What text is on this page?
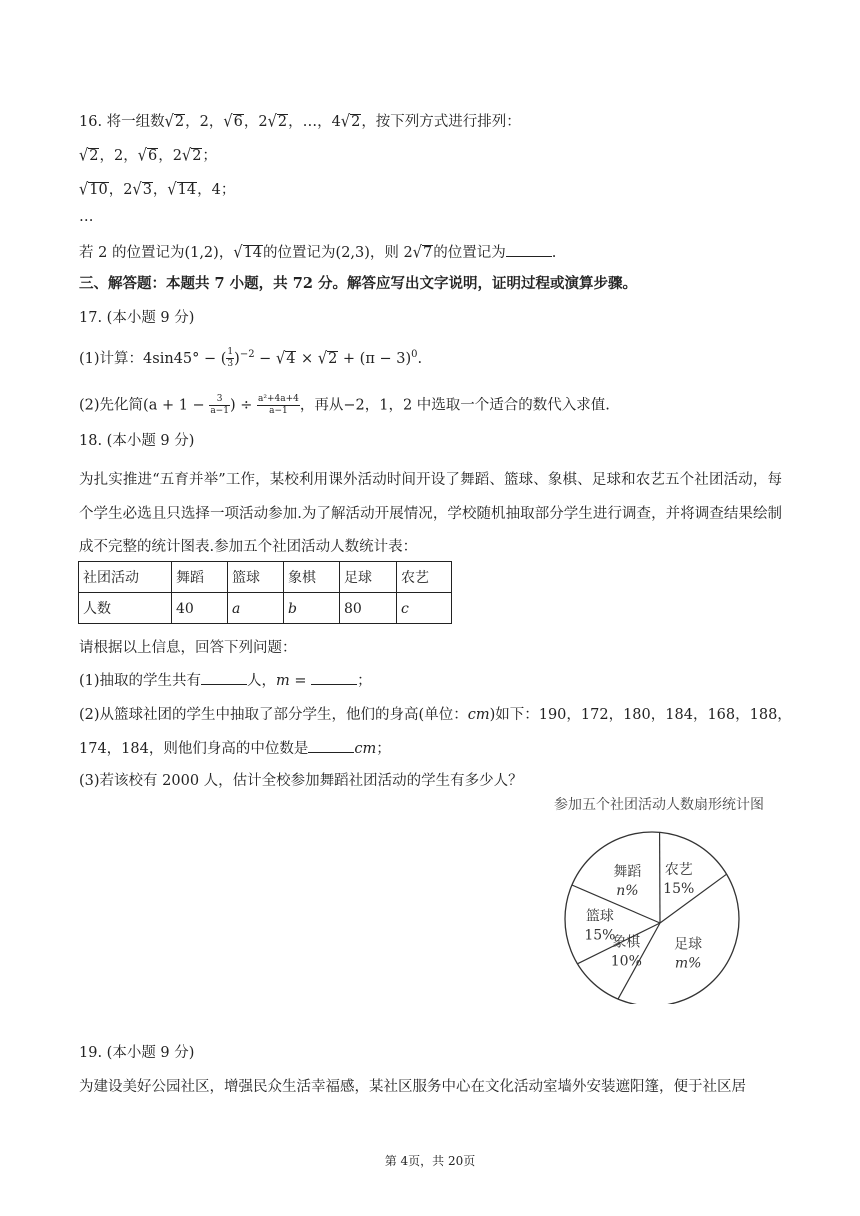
16. 将一组数√2，2，√6，2√2，…，4√2，按下列方式进行排列：
√2，2，√6，2√2；
√10，2√3，√14，4；
…
若 2 的位置记为(1,2)，√14的位置记为(2,3)，则 2√7的位置记为	.
三、解答题：本题共 7 小题，共 72 分。解答应写出文字说明，证明过程或演算步骤。
17. (本小题 9 分)
(1)计算：4sin45° − ( $\frac{1}{3} )^{-2} - √4 \times √2 + (\pi - 3)^0$.
(2)先化简($a + 1 - \frac{3}{a-1}$ ) ÷ $\frac{\text{a²+4a+4}}{a-1}$ ，再从−2，1，2 中选取一个适合的数代入求值.
18. (本小题 9 分)
为扎实推进“五育并举”工作，某校利用课外活动时间开设了舞蹈、篮球、象棋、足球和农艺五个社团活动，每个学生必选且只选择一项活动参加.为了解活动开展情况，学校随机抽取部分学生进行调查，并将调查结果绘制成不完整的统计图表.参加五个社团活动人数统计表：
社团活动	舞蹈	篮球	象棋	足球	农艺
人数	40	a	b	80	c
请根据以上信息，回答下列问题：
(1)抽取的学生共有	人，m =	；
(2)从篮球社团的学生中抽取了部分学生，他们的身高(单位：cm)如下：190，172，180，184，168，188，
174，184，则他们身高的中位数是	cm；
(3)若该校有 2000 人，估计全校参加舞蹈社团活动的学生有多少人？
参加五个社团活动人数扇形统计图
农艺
15%
足球
m%
象棋
10%
篮球
15%
舞蹈
n%
19. (本小题 9 分)
为建设美好公园社区，增强民众生活幸福感，某社区服务中心在文化活动室墙外安装遮阳篷，便于社区居
第 4页，共 20页
